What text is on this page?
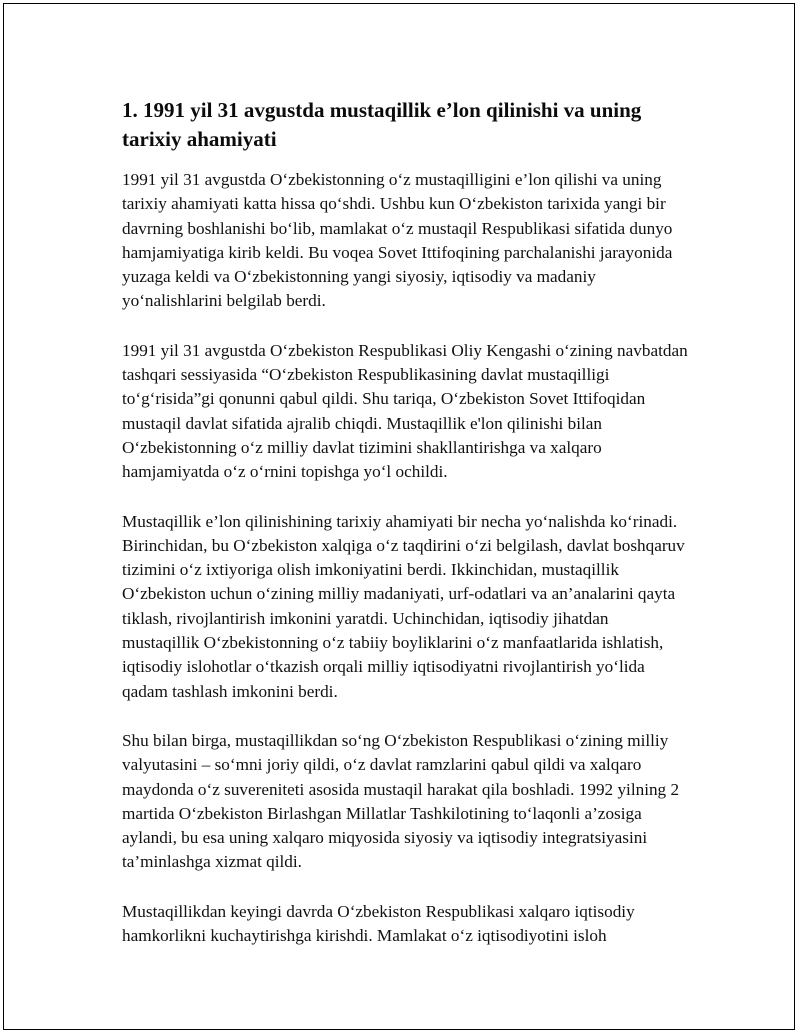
1. 1991 yil 31 avgustda mustaqillik e’lon qilinishi va uning tarixiy ahamiyati

1991 yil 31 avgustda O‘zbekistonning o‘z mustaqilligini e’lon qilishi va uning tarixiy ahamiyati katta hissa qo‘shdi. Ushbu kun O‘zbekiston tarixida yangi bir davrning boshlanishi bo‘lib, mamlakat o‘z mustaqil Respublikasi sifatida dunyo hamjamiyatiga kirib keldi. Bu voqea Sovet Ittifoqining parchalanishi jarayonida yuzaga keldi va O‘zbekistonning yangi siyosiy, iqtisodiy va madaniy yo‘nalishlarini belgilab berdi.

1991 yil 31 avgustda O‘zbekiston Respublikasi Oliy Kengashi o‘zining navbatdan tashqari sessiyasida “O‘zbekiston Respublikasining davlat mustaqilligi to‘g‘risida”gi qonunni qabul qildi. Shu tariqa, O‘zbekiston Sovet Ittifoqidan mustaqil davlat sifatida ajralib chiqdi. Mustaqillik e'lon qilinishi bilan O‘zbekistonning o‘z milliy davlat tizimini shakllantirishga va xalqaro hamjamiyatda o‘z o‘rnini topishga yo‘l ochildi.

Mustaqillik e’lon qilinishining tarixiy ahamiyati bir necha yo‘nalishda ko‘rinadi. Birinchidan, bu O‘zbekiston xalqiga o‘z taqdirini o‘zi belgilash, davlat boshqaruv tizimini o‘z ixtiyoriga olish imkoniyatini berdi. Ikkinchidan, mustaqillik O‘zbekiston uchun o‘zining milliy madaniyati, urf-odatlari va an’analarini qayta tiklash, rivojlantirish imkonini yaratdi. Uchinchidan, iqtisodiy jihatdan mustaqillik O‘zbekistonning o‘z tabiiy boyliklarini o‘z manfaatlarida ishlatish, iqtisodiy islohotlar o‘tkazish orqali milliy iqtisodiyatni rivojlantirish yo‘lida qadam tashlash imkonini berdi.

Shu bilan birga, mustaqillikdan so‘ng O‘zbekiston Respublikasi o‘zining milliy valyutasini – so‘mni joriy qildi, o‘z davlat ramzlarini qabul qildi va xalqaro maydonda o‘z suvereniteti asosida mustaqil harakat qila boshladi. 1992 yilning 2 martida O‘zbekiston Birlashgan Millatlar Tashkilotining to‘laqonli a’zosiga aylandi, bu esa uning xalqaro miqyosida siyosiy va iqtisodiy integratsiyasini ta’minlashga xizmat qildi.

Mustaqillikdan keyingi davrda O‘zbekiston Respublikasi xalqaro iqtisodiy hamkorlikni kuchaytirishga kirishdi. Mamlakat o‘z iqtisodiyotini isloh
